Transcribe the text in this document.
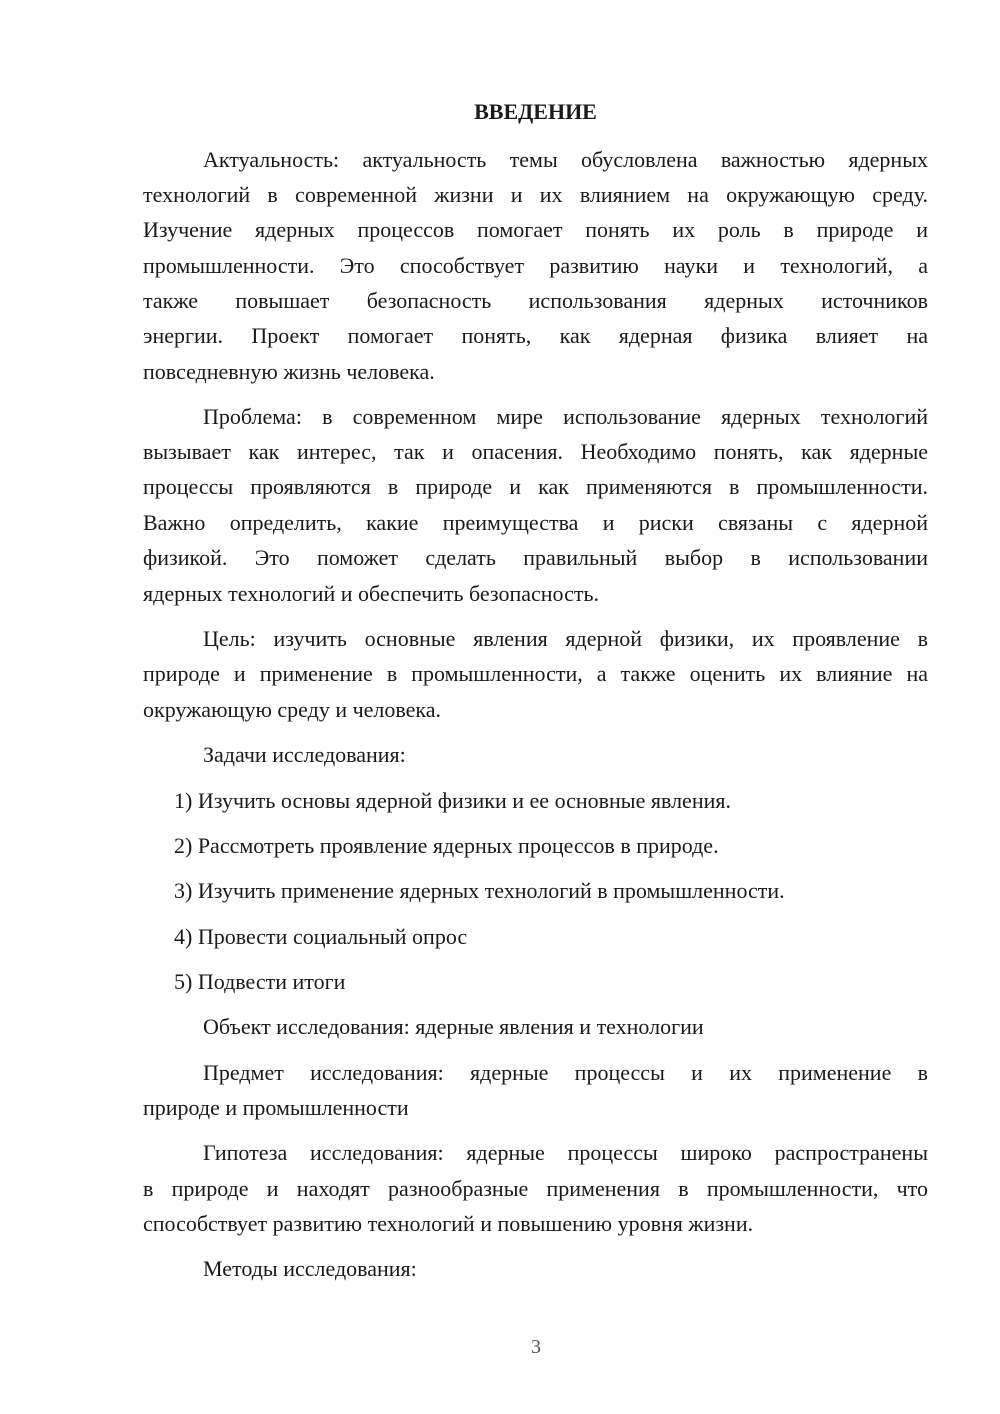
ВВЕДЕНИЕ

Актуальность: актуальность темы обусловлена важностью ядерных

технологий в современной жизни и их влиянием на окружающую среду.

Изучение ядерных процессов помогает понять их роль в природе и

промышленности. Это способствует развитию науки и технологий, а

также повышает безопасность использования ядерных источников

энергии. Проект помогает понять, как ядерная физика влияет на

повседневную жизнь человека.

Проблема: в современном мире использование ядерных технологий

вызывает как интерес, так и опасения. Необходимо понять, как ядерные

процессы проявляются в природе и как применяются в промышленности.

Важно определить, какие преимущества и риски связаны с ядерной

физикой. Это поможет сделать правильный выбор в использовании

ядерных технологий и обеспечить безопасность.

Цель: изучить основные явления ядерной физики, их проявление в

природе и применение в промышленности, а также оценить их влияние на

окружающую среду и человека.

Задачи исследования:

1) Изучить основы ядерной физики и ее основные явления.

2) Рассмотреть проявление ядерных процессов в природе.

3) Изучить применение ядерных технологий в промышленности.

4) Провести социальный опрос

5) Подвести итоги

Объект исследования: ядерные явления и технологии

Предмет исследования: ядерные процессы и их применение в

природе и промышленности

Гипотеза исследования: ядерные процессы широко распространены

в природе и находят разнообразные применения в промышленности, что

способствует развитию технологий и повышению уровня жизни.

Методы исследования:

3
